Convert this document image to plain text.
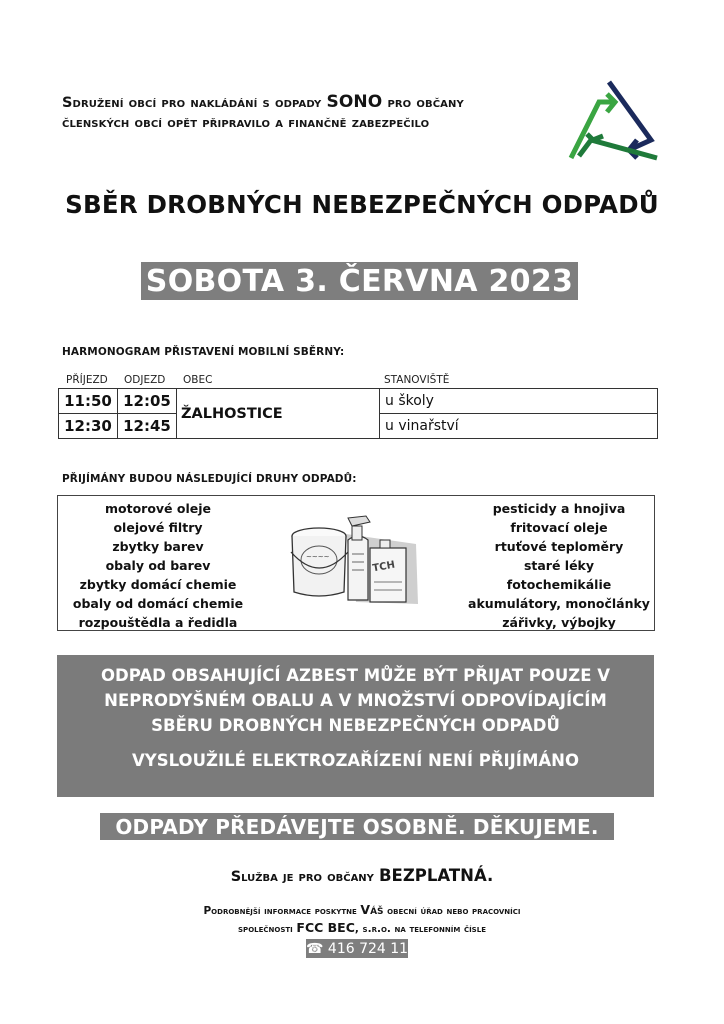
Sdružení obcí pro nakládání s odpady SONO pro občany
členských obcí opět připravilo a finančně zabezpečilo
SBĚR DROBNÝCH NEBEZPEČNÝCH ODPADŮ
SOBOTA 3. ČERVNA 2023
HARMONOGRAM PŘISTAVENÍ MOBILNÍ SBĚRNY:
PŘÍJEZD ODJEZD OBEC	STANOVIŠTĚ
11:50	12:05	ŽALHOSTICE	u školy
12:30	12:45		u vinařství
PŘIJÍMÁNY BUDOU NÁSLEDUJÍCÍ DRUHY ODPADŮ:
motorové oleje
olejové filtry
zbytky barev
obaly od barev
zbytky domácí chemie
obaly od domácí chemie
rozpouštědla a ředidla
~~~~
TCH
pesticidy a hnojiva
fritovací oleje
rtuťové teploměry
staré léky
fotochemikálie
akumulátory, monočlánky
zářivky, výbojky
ODPAD OBSAHUJÍCÍ AZBEST MŮŽE BÝT PŘIJAT POUZE V
NEPRODYŠNÉM OBALU A V MNOŽSTVÍ ODPOVÍDAJÍCÍM
SBĚRU DROBNÝCH NEBEZPEČNÝCH ODPADŮ
VYSLOUŽILÉ ELEKTROZAŘÍZENÍ NENÍ PŘIJÍMÁNO
ODPADY PŘEDÁVEJTE OSOBNĚ. DĚKUJEME.
Služba je pro občany BEZPLATNÁ.
Podrobnější informace poskytne Váš obecní úřad nebo pracovníci
společnosti FCC BEC, s.r.o. na telefonním čísle
☎ 416 724 111
